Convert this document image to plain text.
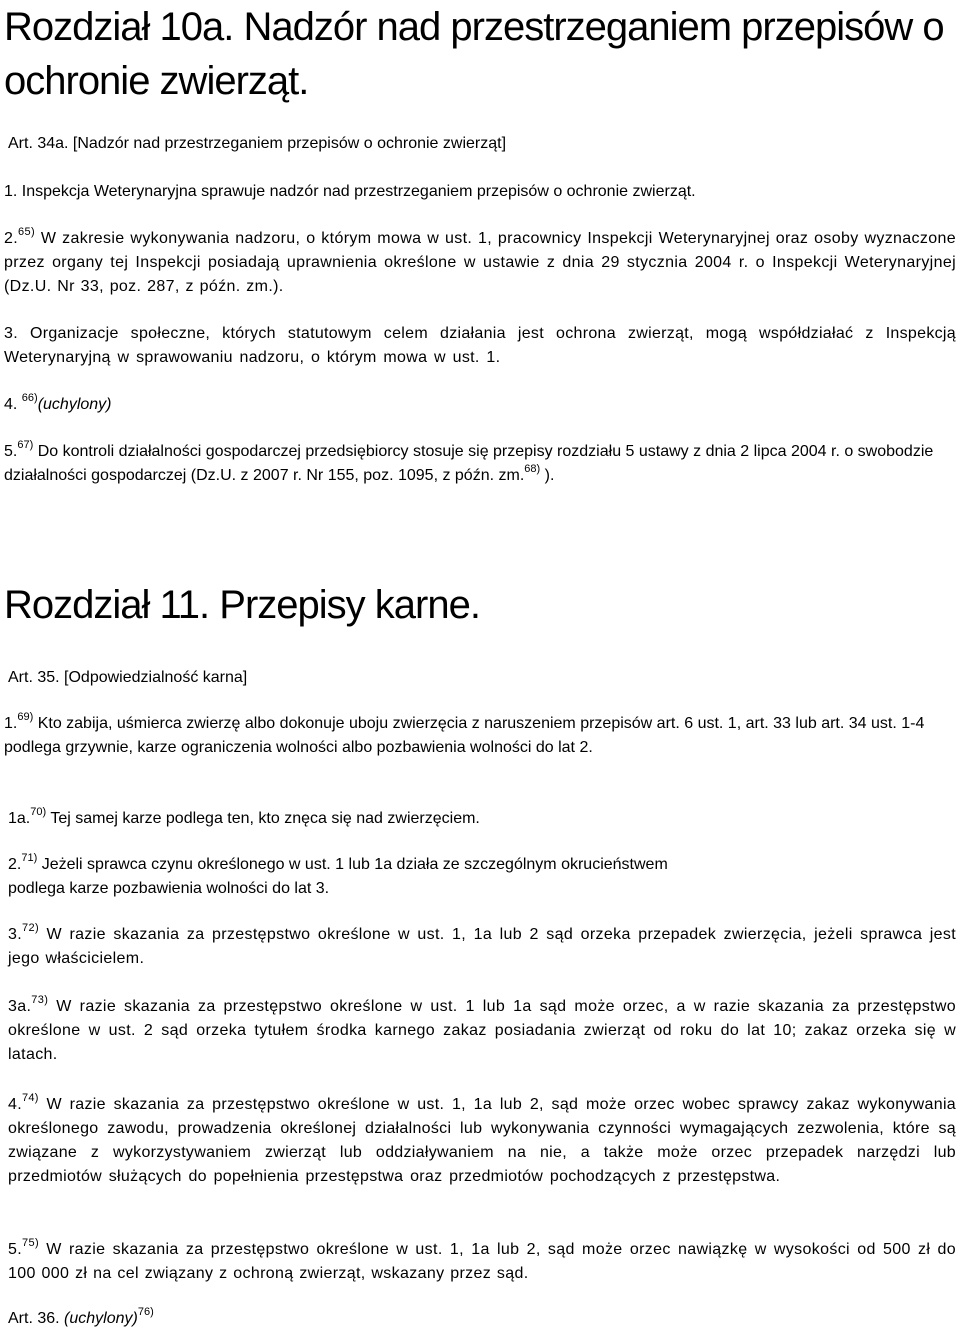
Rozdział 10a. Nadzór nad przestrzeganiem przepisów o ochronie zwierząt.

Art. 34a. [Nadzór nad przestrzeganiem przepisów o ochronie zwierząt]

1. Inspekcja Weterynaryjna sprawuje nadzór nad przestrzeganiem przepisów o ochronie zwierząt.

2.$^{65)}$ W zakresie wykonywania nadzoru, o którym mowa w ust. 1, pracownicy Inspekcji Weterynaryjnej oraz osoby wyznaczone przez organy tej Inspekcji posiadają uprawnienia określone w ustawie z dnia 29 stycznia 2004 r. o Inspekcji Weterynaryjnej (Dz.U. Nr 33, poz. 287, z późn. zm.).

3. Organizacje społeczne, których statutowym celem działania jest ochrona zwierząt, mogą współdziałać z Inspekcją Weterynaryjną w sprawowaniu nadzoru, o którym mowa w ust. 1.

4. $^{66)}$(uchylony)

5.$^{67)}$ Do kontroli działalności gospodarczej przedsiębiorcy stosuje się przepisy rozdziału 5 ustawy z dnia 2 lipca 2004 r. o swobodzie działalności gospodarczej (Dz.U. z 2007 r. Nr 155, poz. 1095, z późn. zm.$^{68)}$ ).

Rozdział 11. Przepisy karne.

Art. 35. [Odpowiedzialność karna]

1.$^{69)}$ Kto zabija, uśmierca zwierzę albo dokonuje uboju zwierzęcia z naruszeniem przepisów art. 6 ust. 1, art. 33 lub art. 34 ust. 1-4
podlega grzywnie, karze ograniczenia wolności albo pozbawienia wolności do lat 2.

1a.$^{70)}$ Tej samej karze podlega ten, kto znęca się nad zwierzęciem.

2.$^{71)}$ Jeżeli sprawca czynu określonego w ust. 1 lub 1a działa ze szczególnym okrucieństwem
podlega karze pozbawienia wolności do lat 3.

3.$^{72)}$ W razie skazania za przestępstwo określone w ust. 1, 1a lub 2 sąd orzeka przepadek zwierzęcia, jeżeli sprawca jest jego właścicielem.

3a.$^{73)}$ W razie skazania za przestępstwo określone w ust. 1 lub 1a sąd może orzec, a w razie skazania za przestępstwo określone w ust. 2 sąd orzeka tytułem środka karnego zakaz posiadania zwierząt od roku do lat 10; zakaz orzeka się w latach.

4.$^{74)}$ W razie skazania za przestępstwo określone w ust. 1, 1a lub 2, sąd może orzec wobec sprawcy zakaz wykonywania określonego zawodu, prowadzenia określonej działalności lub wykonywania czynności wymagających zezwolenia, które są związane z wykorzystywaniem zwierząt lub oddziaływaniem na nie, a także może orzec przepadek narzędzi lub przedmiotów służących do popełnienia przestępstwa oraz przedmiotów pochodzących z przestępstwa.

5.$^{75)}$ W razie skazania za przestępstwo określone w ust. 1, 1a lub 2, sąd może orzec nawiązkę w wysokości od 500 zł do 100 000 zł na cel związany z ochroną zwierząt, wskazany przez sąd.

Art. 36. (uchylony)$^{76)}$
